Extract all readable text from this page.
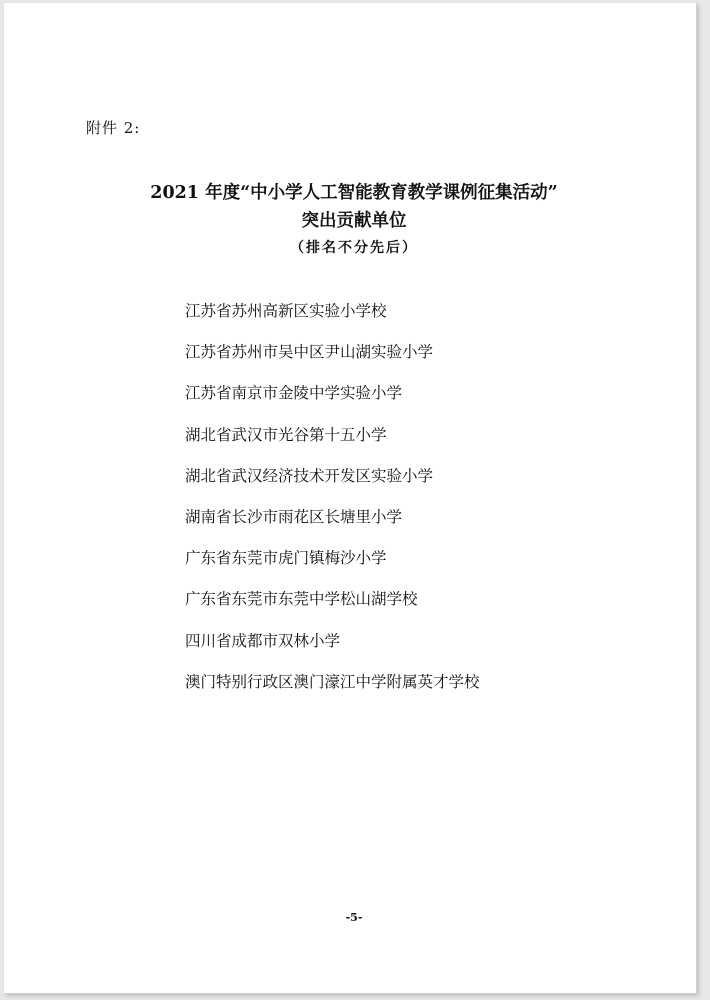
附件 2:
2021 年度“中小学人工智能教育教学课例征集活动”
突出贡献单位
（排名不分先后）
江苏省苏州高新区实验小学校
江苏省苏州市吴中区尹山湖实验小学
江苏省南京市金陵中学实验小学
湖北省武汉市光谷第十五小学
湖北省武汉经济技术开发区实验小学
湖南省长沙市雨花区长塘里小学
广东省东莞市虎门镇梅沙小学
广东省东莞市东莞中学松山湖学校
四川省成都市双林小学
澳门特别行政区澳门濠江中学附属英才学校
-5-
